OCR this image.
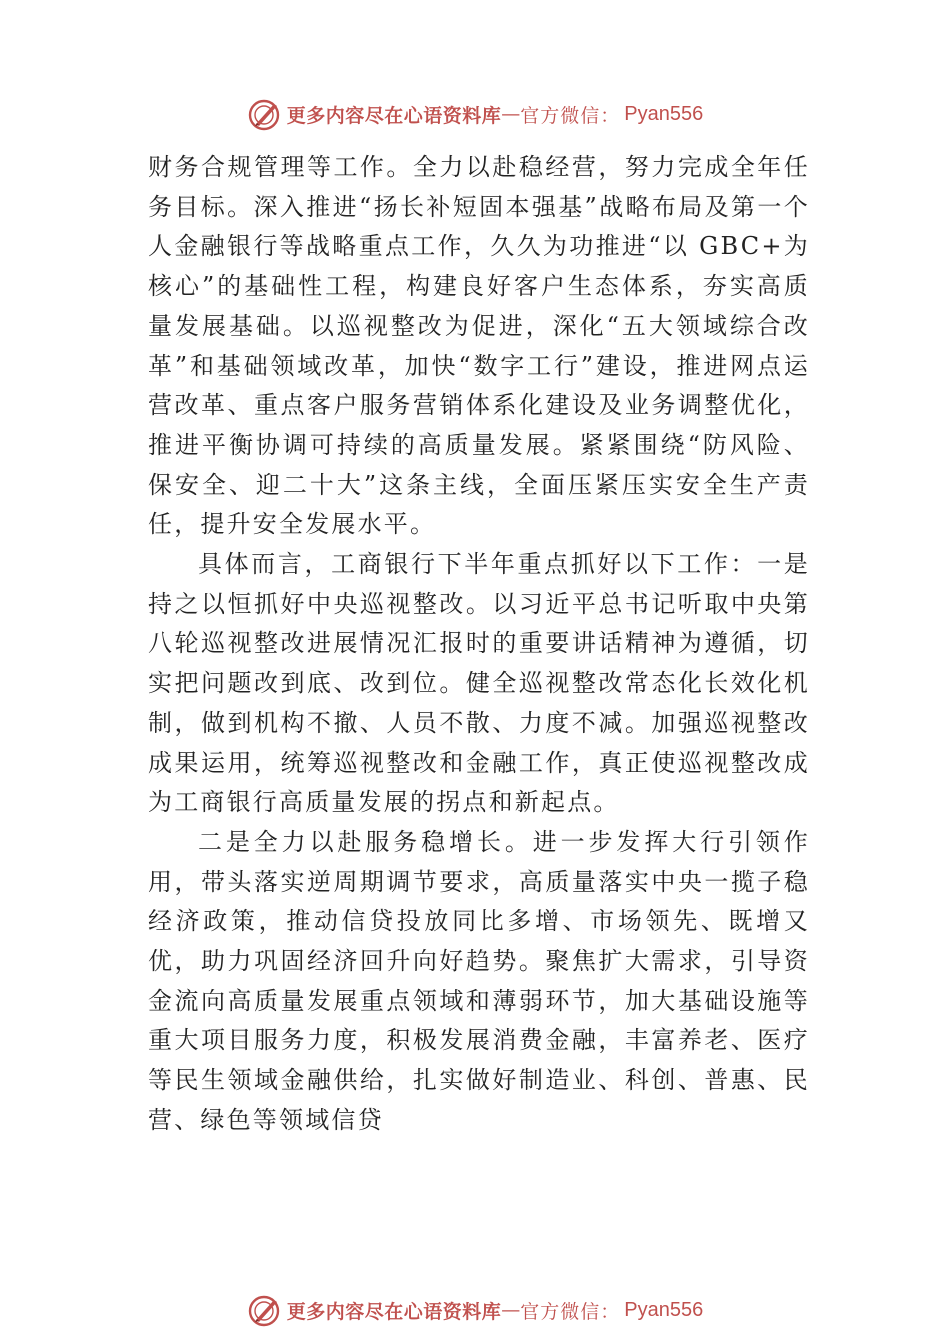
更多内容尽在心语资料库 — 官方微信： Pyan556

财务合规管理等工作。全力以赴稳经营，努力完成全年任务目标。深入推进“扬长补短固本强基”战略布局及第一个人金融银行等战略重点工作，久久为功推进“以 GBC+为核心”的基础性工程，构建良好客户生态体系，夯实高质量发展基础。以巡视整改为促进，深化“五大领域综合改革”和基础领域改革，加快“数字工行”建设，推进网点运营改革、重点客户服务营销体系化建设及业务调整优化，推进平衡协调可持续的高质量发展。紧紧围绕“防风险、保安全、迎二十大”这条主线，全面压紧压实安全生产责任，提升安全发展水平。

具体而言，工商银行下半年重点抓好以下工作：一是持之以恒抓好中央巡视整改。以习近平总书记听取中央第八轮巡视整改进展情况汇报时的重要讲话精神为遵循，切实把问题改到底、改到位。健全巡视整改常态化长效化机制，做到机构不撤、人员不散、力度不减。加强巡视整改成果运用，统筹巡视整改和金融工作，真正使巡视整改成为工商银行高质量发展的拐点和新起点。

二是全力以赴服务稳增长。进一步发挥大行引领作用，带头落实逆周期调节要求，高质量落实中央一揽子稳经济政策，推动信贷投放同比多增、市场领先、既增又优，助力巩固经济回升向好趋势。聚焦扩大需求，引导资金流向高质量发展重点领域和薄弱环节，加大基础设施等重大项目服务力度，积极发展消费金融，丰富养老、医疗等民生领域金融供给，扎实做好制造业、科创、普惠、民营、绿色等领域信贷

更多内容尽在心语资料库 — 官方微信： Pyan556
